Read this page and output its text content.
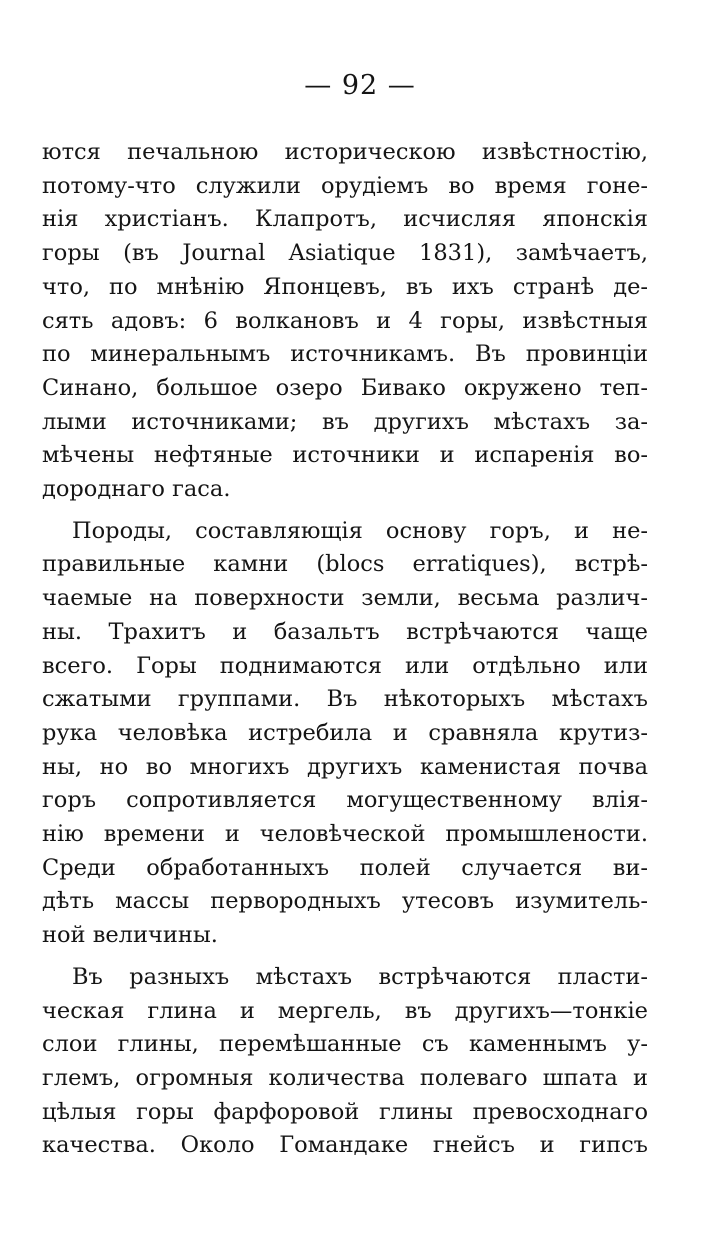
— 92 —
ются печальною историческою извѣстностію,
потому-что служили орудіемъ во время гоне-
нія христіанъ. Клапротъ, исчисляя японскія
горы (въ Journal Asiatique 1831), замѣчаетъ,
что, по мнѣнію Японцевъ, въ ихъ странѣ де-
сять адовъ: 6 волкановъ и 4 горы, извѣстныя
по минеральнымъ источникамъ. Въ провинціи
Синано, большое озеро Бивако окружено теп-
лыми источниками; въ другихъ мѣстахъ за-
мѣчены нефтяные источники и испаренія во-
дороднаго гаса.
Породы, составляющія основу горъ, и не-
правильные камни (blocs erratiques), встрѣ-
чаемые на поверхности земли, весьма различ-
ны. Трахитъ и базальтъ встрѣчаются чаще
всего. Горы поднимаются или отдѣльно или
сжатыми группами. Въ нѣкоторыхъ мѣстахъ
рука человѣка истребила и сравняла крутиз-
ны, но во многихъ другихъ каменистая почва
горъ сопротивляется могущественному влія-
нію времени и человѣческой промышлености.
Среди обработанныхъ полей случается ви-
дѣть массы первородныхъ утесовъ изумитель-
ной величины.
Въ разныхъ мѣстахъ встрѣчаются пласти-
ческая глина и мергель, въ другихъ—тонкіе
слои глины, перемѣшанные съ каменнымъ у-
глемъ, огромныя количества полеваго шпата и
цѣлыя горы фарфоровой глины превосходнаго
качества. Около Гомандаке гнейсъ и гипсъ
